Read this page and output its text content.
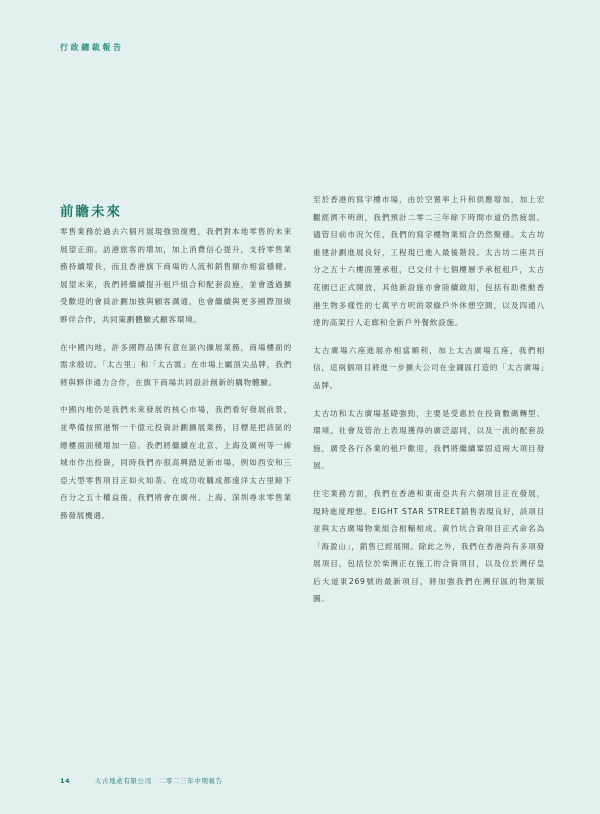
行政總裁報告
前瞻未來

零售業務於過去六個月展現強勁復甦，我們對本地零售的未來展望正面。訪港旅客的增加，加上消費信心提升，支持零售業務持續增長，而且香港旗下商場的人流和銷售額亦相當穩健。展望未來，我們將繼續提升租戶組合和配套設施，並會透過擴受歡迎的會員計劃加強與顧客溝通，也會繼續與更多國際頂級夥伴合作，共同策劃體驗式顧客環境。

在中國內地，許多國際品牌有意在區內擴展業務，商場樓面的需求殷切。「太古里」和「太古匯」在市場上屬頂尖品牌，我們將與夥伴通力合作，在旗下商場共同設計創新的購物體驗。

中國內地仍是我們未來發展的核心市場，我們看好發展前景，並準備按照港幣一千億元投資計劃擴展業務，目標是把該區的總樓面面積增加一倍。我們將繼續在北京、上海及廣州等一線城市作出投資，同時我們亦很高興踏足新市場，例如西安和三亞大型零售項目正如火如荼。在成功收購成都遠洋太古里餘下百分之五十權益後，我們將會在廣州、上海、深圳尋求零售業務發展機遇。

至於香港的寫字樓市場，由於空置率上升和供應增加，加上宏觀經濟不明朗，我們預計二零二三年餘下時間市道仍然疲弱。儘管目前市況欠佳，我們的寫字樓物業組合仍然聚穩。太古坊重建計劃進展良好，工程現已進入最後階段。太古坊二座共百分之五十六樓面獲承租，已交付十七個樓層予承租租戶，太古花園已正式開放，其他新設施亦會陸續啟用，包括有助推動香港生物多樣性的七萬平方呎的翠綠戶外休憩空間，以及四通八達的高架行人走廊和全新戶外餐飲設施。

太古廣場六座進展亦相當順利，加上太古廣場五座，我們相信，這兩個項目將進一步擴大公司在金鐘區打造的「太古廣場」品牌。

太古坊和太古廣場基礎強勁，主要是受惠於在投資數碼轉型、環境、社會及管治上表現獲得的廣泛認同，以及一流的配套設施，廣受各行各業的租戶歡迎，我們將繼續鞏固這兩大項目發展。

住宅業務方面，我們在香港和東南亞共有六個項目正在發展，現時進度理想。EIGHT STAR STREET銷售表現良好，該項目並與太古廣場物業組合相輔相成。黃竹坑合資項目正式命名為「海盈山」，銷售已經展開。除此之外，我們在香港尚有多項發展項目，包括位於柴灣正在施工的合資項目，以及位於灣仔皇后大道東269號的最新項目，將加強我們在灣仔區的物業版圖。

14	太古地產有限公司　二零二三年中期報告
